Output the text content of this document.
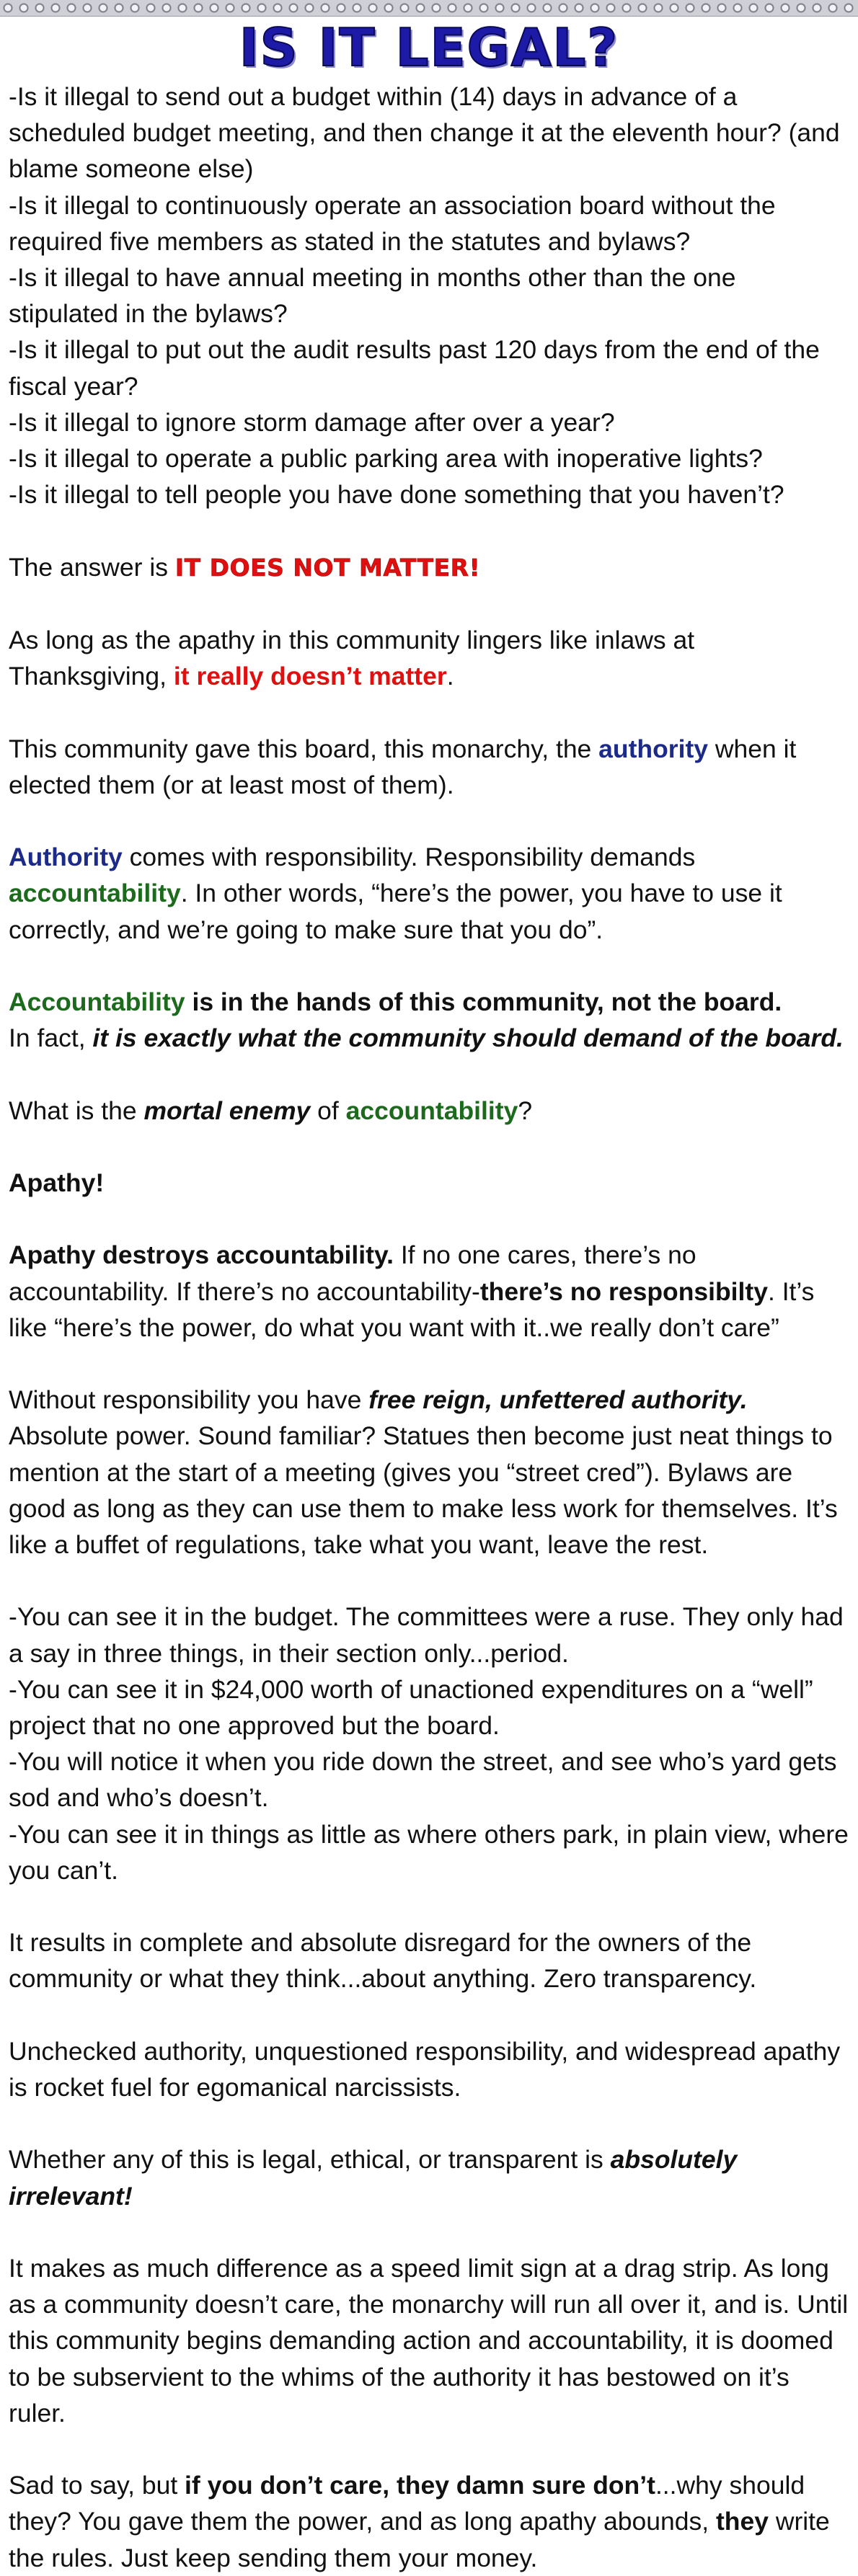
IS IT LEGAL?

-Is it illegal to send out a budget within (14) days in advance of a scheduled budget meeting, and then change it at the eleventh hour? (and blame someone else)

-Is it illegal to continuously operate an association board without the required five members as stated in the statutes and bylaws?

-Is it illegal to have annual meeting in months other than the one stipulated in the bylaws?

-Is it illegal to put out the audit results past 120 days from the end of the fiscal year?

-Is it illegal to ignore storm damage after over a year?

-Is it illegal to operate a public parking area with inoperative lights?

-Is it illegal to tell people you have done something that you haven’t?

The answer is IT DOES NOT MATTER!

As long as the apathy in this community lingers like inlaws at Thanksgiving, it really doesn’t matter.

This community gave this board, this monarchy, the authority when it elected them (or at least most of them).

Authority comes with responsibility. Responsibility demands accountability. In other words, “here’s the power, you have to use it correctly, and we’re going to make sure that you do”.

Accountability is in the hands of this community, not the board.

In fact, it is exactly what the community should demand of the board.

What is the mortal enemy of accountability?

Apathy!

Apathy destroys accountability. If no one cares, there’s no accountability. If there’s no accountability-there’s no responsibilty. It’s like “here’s the power, do what you want with it..we really don’t care”

Without responsibility you have free reign, unfettered authority. Absolute power. Sound familiar? Statues then become just neat things to mention at the start of a meeting (gives you “street cred”). Bylaws are good as long as they can use them to make less work for themselves. It’s like a buffet of regulations, take what you want, leave the rest.

-You can see it in the budget. The committees were a ruse. They only had a say in three things, in their section only...period.

-You can see it in $24,000 worth of unactioned expenditures on a “well” project that no one approved but the board.

-You will notice it when you ride down the street, and see who’s yard gets sod and who’s doesn’t.

-You can see it in things as little as where others park, in plain view, where you can’t.

It results in complete and absolute disregard for the owners of the community or what they think...about anything. Zero transparency.

Unchecked authority, unquestioned responsibility, and widespread apathy is rocket fuel for egomanical narcissists.

Whether any of this is legal, ethical, or transparent is absolutely irrelevant!

It makes as much difference as a speed limit sign at a drag strip. As long as a community doesn’t care, the monarchy will run all over it, and is. Until this community begins demanding action and accountability, it is doomed to be subservient to the whims of the authority it has bestowed on it’s ruler.

Sad to say, but if you don’t care, they damn sure don’t...why should they? You gave them the power, and as long apathy abounds, they write the rules. Just keep sending them your money.
